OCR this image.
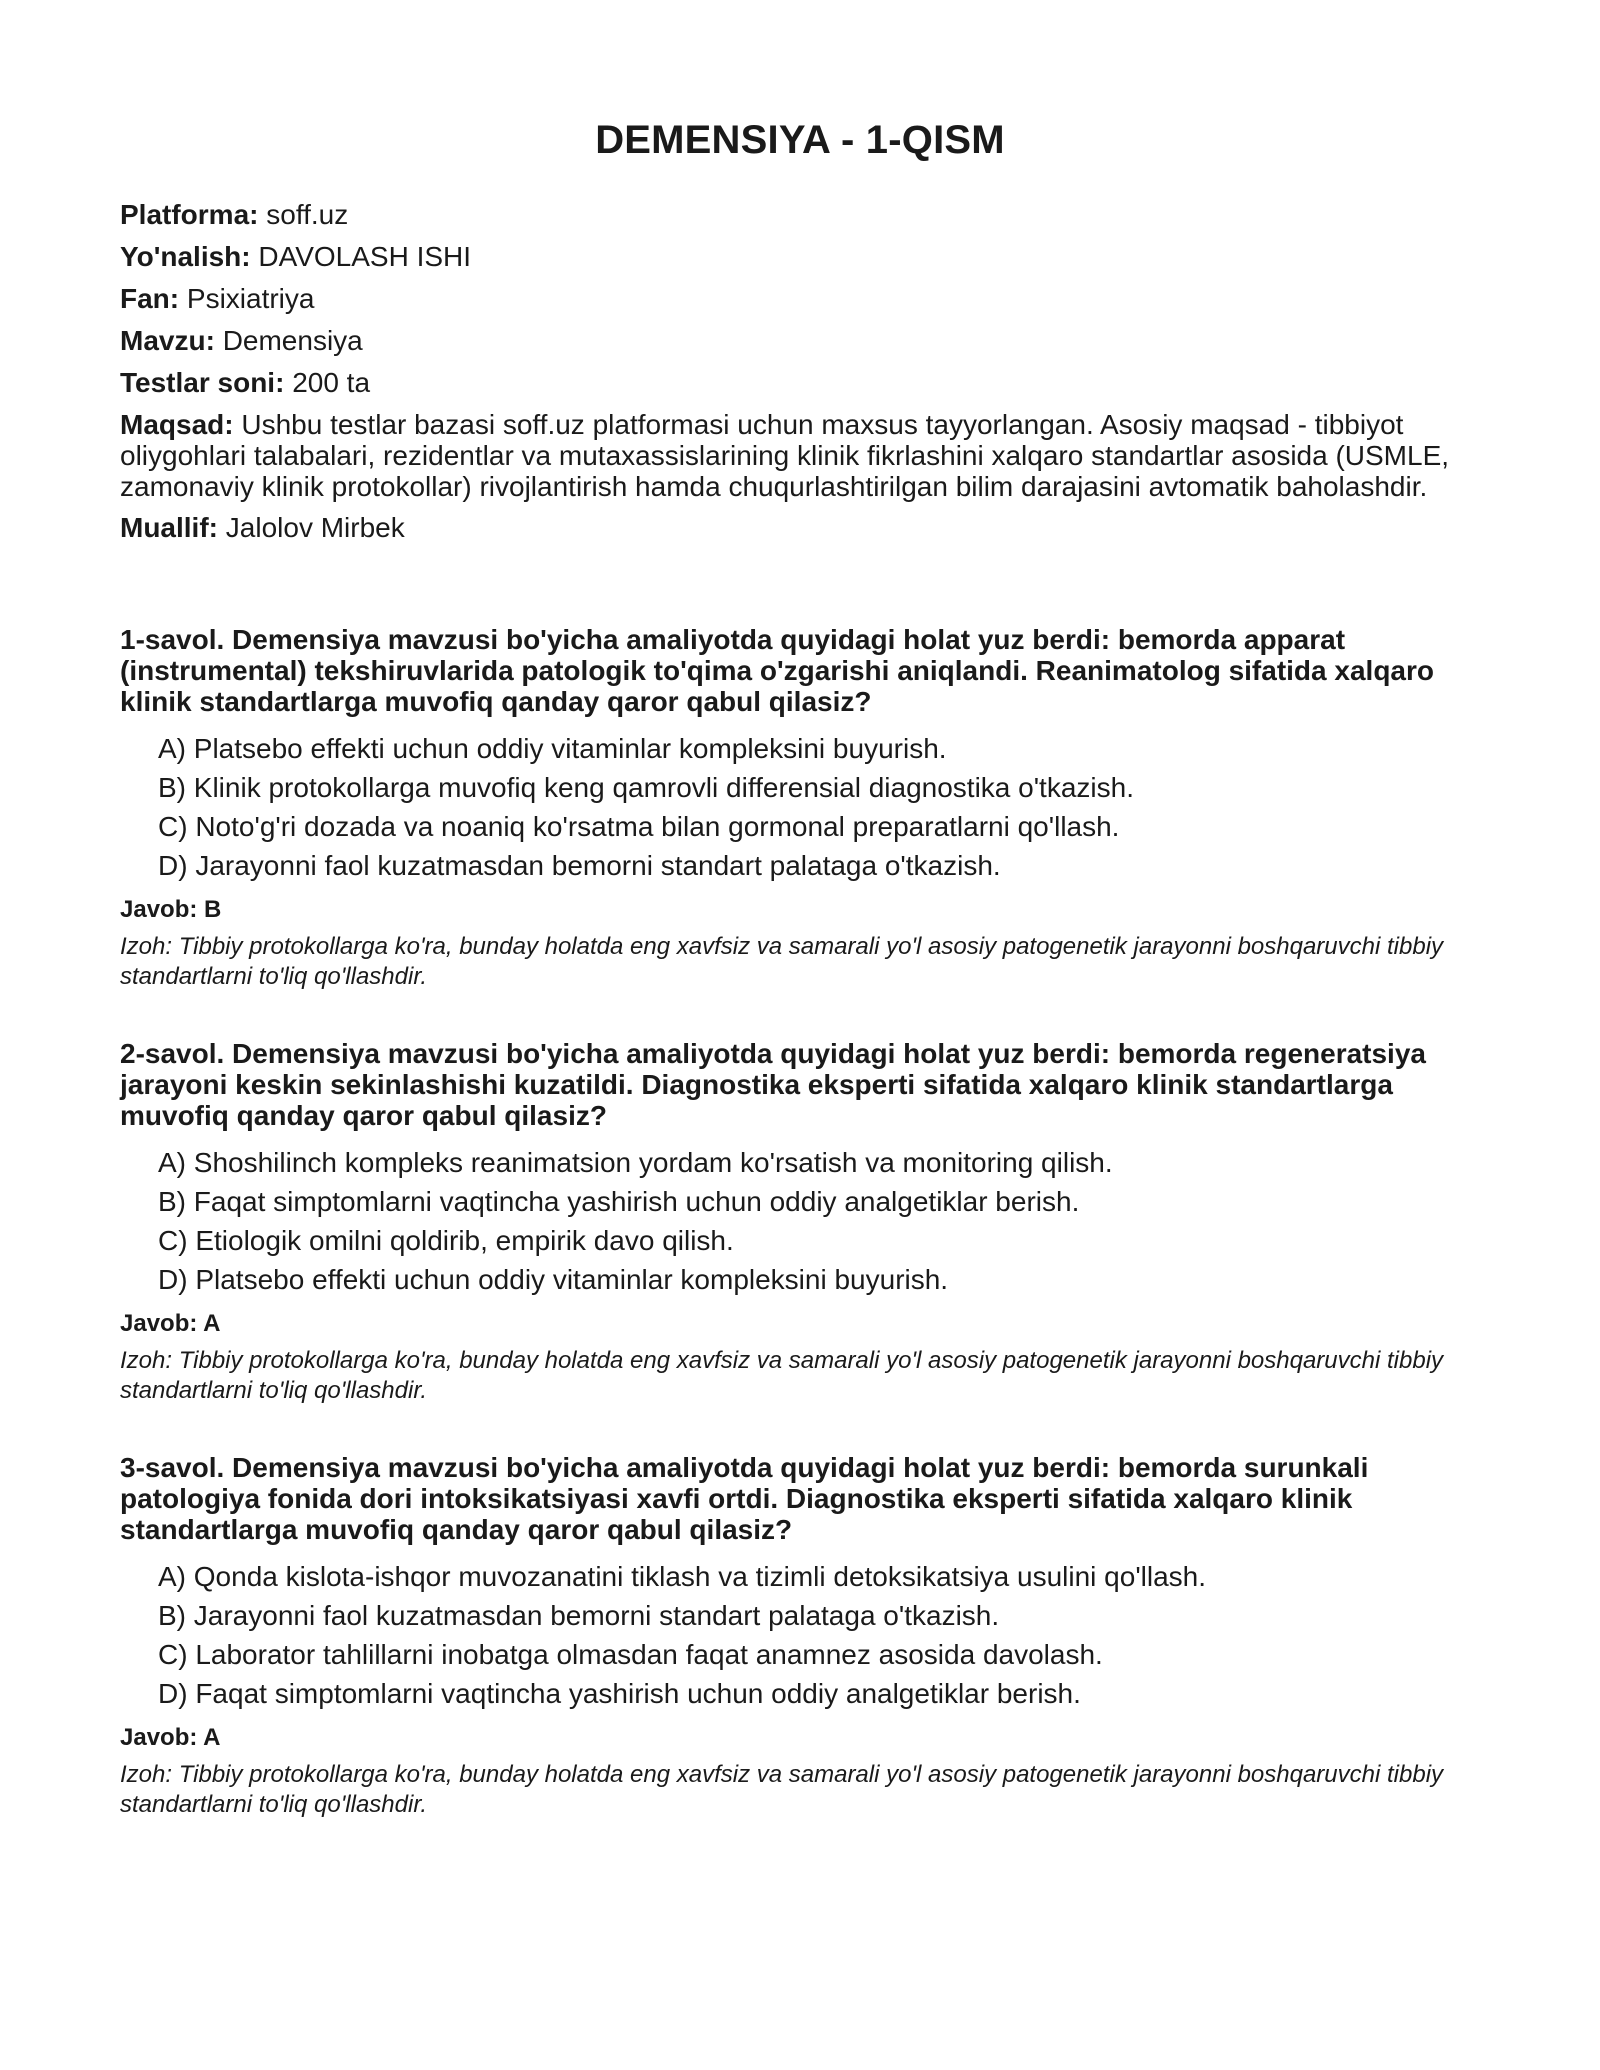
DEMENSIYA - 1-QISM

Platforma: soff.uz

Yo'nalish: DAVOLASH ISHI

Fan: Psixiatriya

Mavzu: Demensiya

Testlar soni: 200 ta

Maqsad: Ushbu testlar bazasi soff.uz platformasi uchun maxsus tayyorlangan. Asosiy maqsad - tibbiyot oliygohlari talabalari, rezidentlar va mutaxassislarining klinik fikrlashini xalqaro standartlar asosida (USMLE, zamonaviy klinik protokollar) rivojlantirish hamda chuqurlashtirilgan bilim darajasini avtomatik baholashdir.

Muallif: Jalolov Mirbek

1-savol. Demensiya mavzusi bo'yicha amaliyotda quyidagi holat yuz berdi: bemorda apparat (instrumental) tekshiruvlarida patologik to'qima o'zgarishi aniqlandi. Reanimatolog sifatida xalqaro klinik standartlarga muvofiq qanday qaror qabul qilasiz?

A) Platsebo effekti uchun oddiy vitaminlar kompleksini buyurish.
B) Klinik protokollarga muvofiq keng qamrovli differensial diagnostika o'tkazish.
C) Noto'g'ri dozada va noaniq ko'rsatma bilan gormonal preparatlarni qo'llash.
D) Jarayonni faol kuzatmasdan bemorni standart palataga o'tkazish.

Javob: B

Izoh: Tibbiy protokollarga ko'ra, bunday holatda eng xavfsiz va samarali yo'l asosiy patogenetik jarayonni boshqaruvchi tibbiy standartlarni to'liq qo'llashdir.

2-savol. Demensiya mavzusi bo'yicha amaliyotda quyidagi holat yuz berdi: bemorda regeneratsiya jarayoni keskin sekinlashishi kuzatildi. Diagnostika eksperti sifatida xalqaro klinik standartlarga muvofiq qanday qaror qabul qilasiz?

A) Shoshilinch kompleks reanimatsion yordam ko'rsatish va monitoring qilish.
B) Faqat simptomlarni vaqtincha yashirish uchun oddiy analgetiklar berish.
C) Etiologik omilni qoldirib, empirik davo qilish.
D) Platsebo effekti uchun oddiy vitaminlar kompleksini buyurish.

Javob: A

Izoh: Tibbiy protokollarga ko'ra, bunday holatda eng xavfsiz va samarali yo'l asosiy patogenetik jarayonni boshqaruvchi tibbiy standartlarni to'liq qo'llashdir.

3-savol. Demensiya mavzusi bo'yicha amaliyotda quyidagi holat yuz berdi: bemorda surunkali patologiya fonida dori intoksikatsiyasi xavfi ortdi. Diagnostika eksperti sifatida xalqaro klinik standartlarga muvofiq qanday qaror qabul qilasiz?

A) Qonda kislota-ishqor muvozanatini tiklash va tizimli detoksikatsiya usulini qo'llash.
B) Jarayonni faol kuzatmasdan bemorni standart palataga o'tkazish.
C) Laborator tahlillarni inobatga olmasdan faqat anamnez asosida davolash.
D) Faqat simptomlarni vaqtincha yashirish uchun oddiy analgetiklar berish.

Javob: A

Izoh: Tibbiy protokollarga ko'ra, bunday holatda eng xavfsiz va samarali yo'l asosiy patogenetik jarayonni boshqaruvchi tibbiy standartlarni to'liq qo'llashdir.
